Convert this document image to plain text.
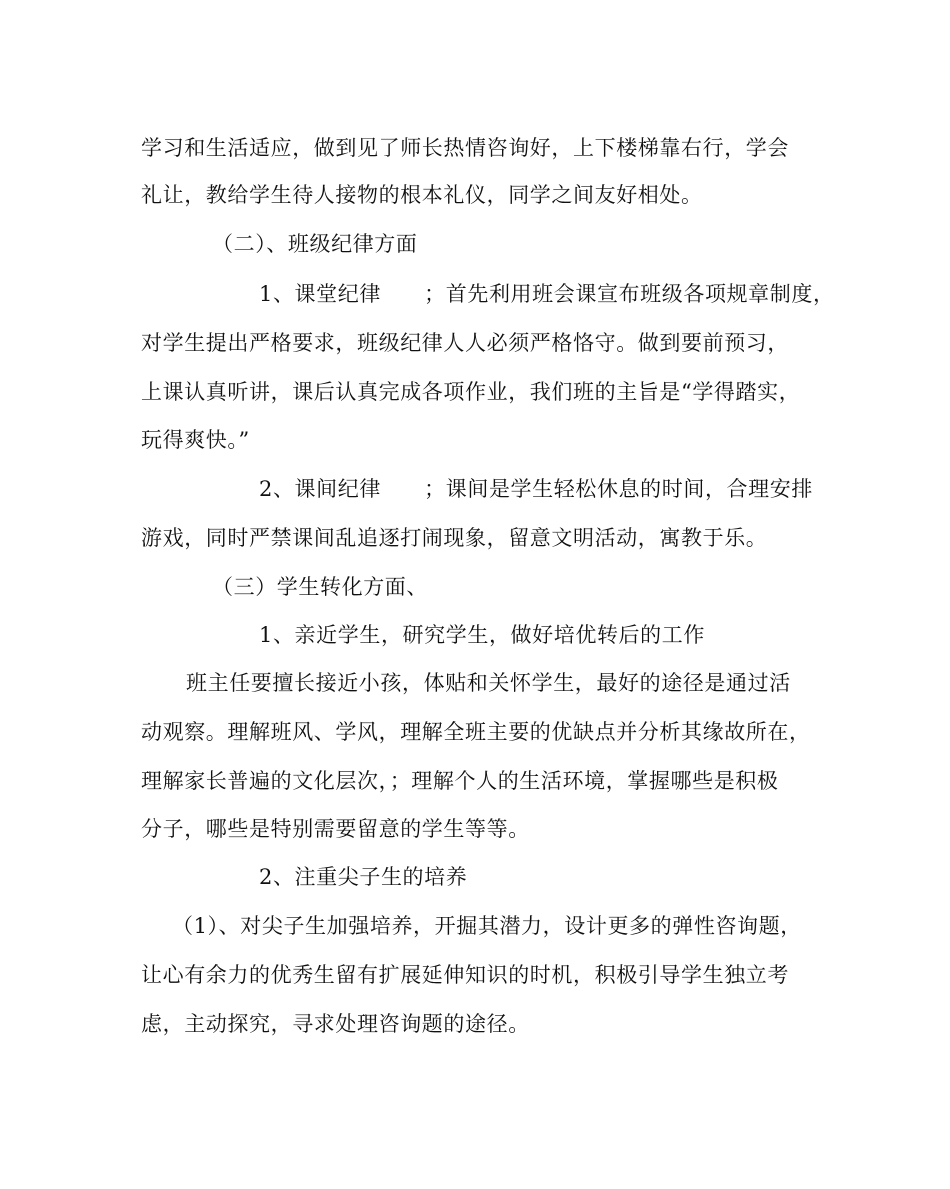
学习和生活适应，做到见了师长热情咨询好，上下楼梯靠右行，学会
礼让，教给学生待人接物的根本礼仪，同学之间友好相处。
（二）、班级纪律方面
1、课堂纪律　　；首先利用班会课宣布班级各项规章制度，
对学生提出严格要求，班级纪律人人必须严格恪守。做到要前预习，
上课认真听讲，课后认真完成各项作业，我们班的主旨是“学得踏实，
玩得爽快。”
2、课间纪律　　；课间是学生轻松休息的时间，合理安排
游戏，同时严禁课间乱追逐打闹现象，留意文明活动，寓教于乐。
（三）学生转化方面、
1、亲近学生，研究学生，做好培优转后的工作
班主任要擅长接近小孩，体贴和关怀学生，最好的途径是通过活
动观察。理解班风、学风，理解全班主要的优缺点并分析其缘故所在，
理解家长普遍的文化层次，；理解个人的生活环境，掌握哪些是积极
分子，哪些是特别需要留意的学生等等。
2、注重尖子生的培养
（1）、对尖子生加强培养，开掘其潜力，设计更多的弹性咨询题，
让心有余力的优秀生留有扩展延伸知识的时机，积极引导学生独立考
虑，主动探究，寻求处理咨询题的途径。
